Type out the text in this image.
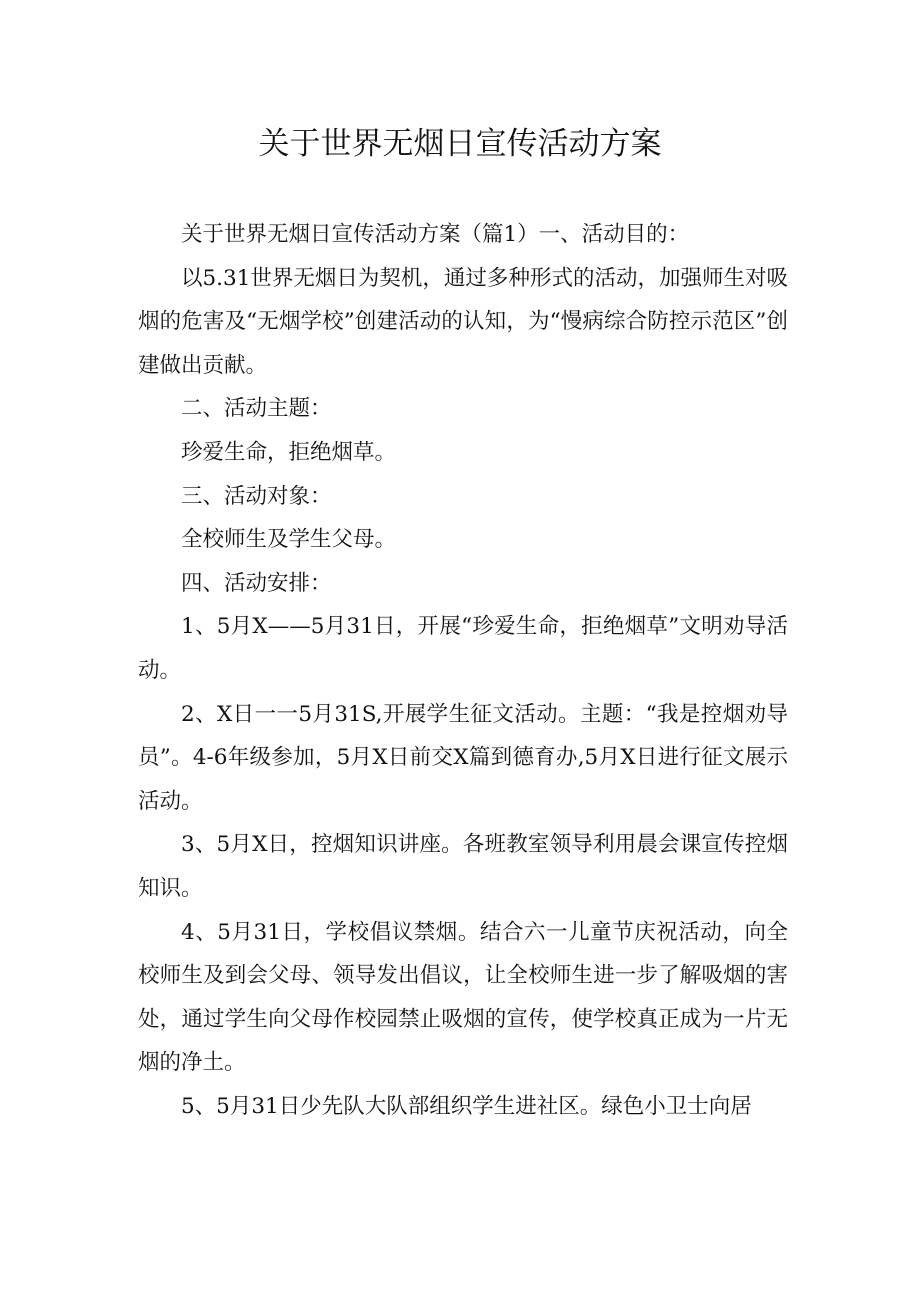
关于世界无烟日宣传活动方案

关于世界无烟日宣传活动方案（篇1）一、活动目的：

以5.31世界无烟日为契机，通过多种形式的活动，加强师生对吸烟的危害及“无烟学校”创建活动的认知，为“慢病综合防控示范区”创建做出贡献。

二、活动主题：

珍爱生命，拒绝烟草。

三、活动对象：

全校师生及学生父母。

四、活动安排：

1、5月X——5月31日，开展“珍爱生命，拒绝烟草”文明劝导活动。

2、X日一一5月31S,开展学生征文活动。主题：“我是控烟劝导员”。4-6年级参加，5月X日前交X篇到德育办,5月X日进行征文展示活动。

3、5月X日，控烟知识讲座。各班教室领导利用晨会课宣传控烟知识。

4、5月31日，学校倡议禁烟。结合六一儿童节庆祝活动，向全校师生及到会父母、领导发出倡议，让全校师生进一步了解吸烟的害处，通过学生向父母作校园禁止吸烟的宣传，使学校真正成为一片无烟的净土。

5、5月31日少先队大队部组织学生进社区。绿色小卫士向居
